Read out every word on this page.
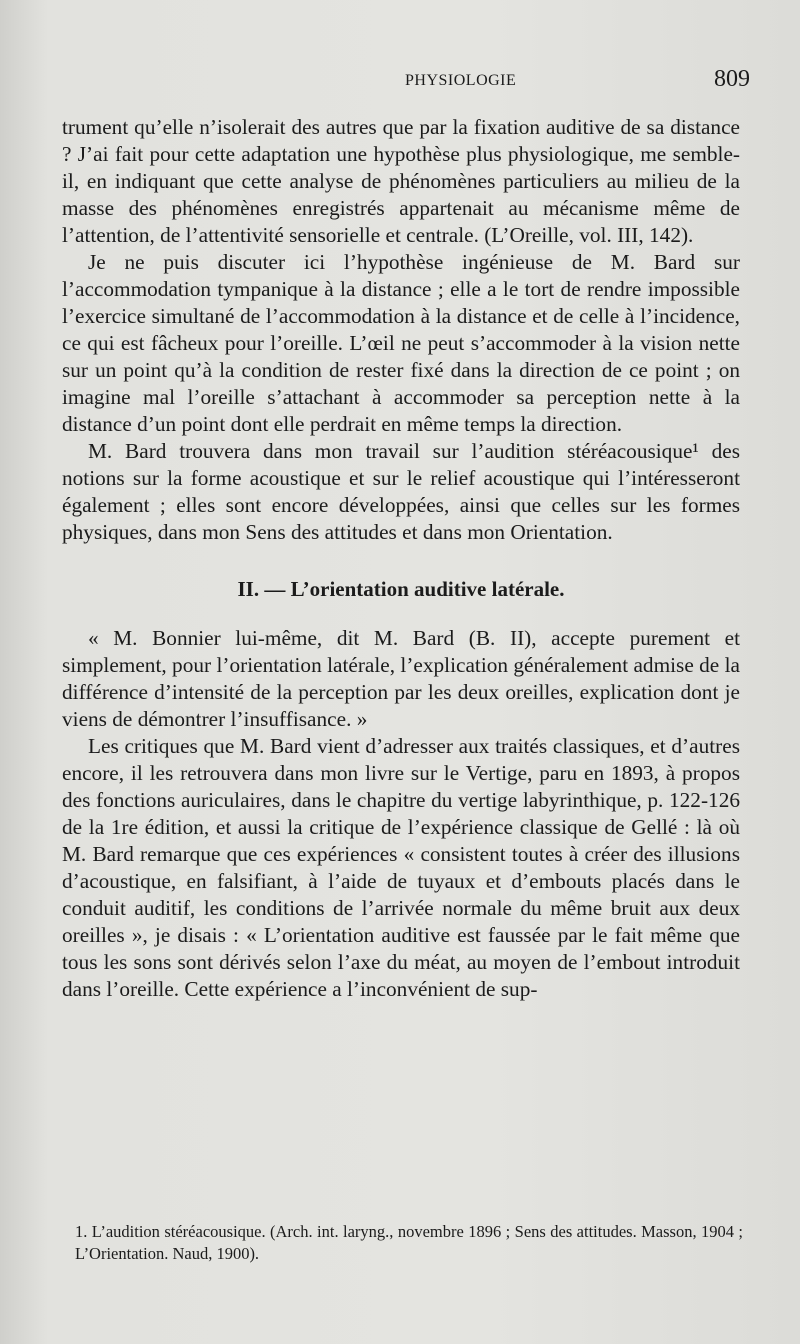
PHYSIOLOGIE	809

trument qu’elle n’isolerait des autres que par la fixation auditive de sa distance ? J’ai fait pour cette adaptation une hypothèse plus physiologique, me semble-il, en indiquant que cette analyse de phénomènes particuliers au milieu de la masse des phénomènes enregistrés appartenait au mécanisme même de l’attention, de l’attentivité sensorielle et centrale. (L’Oreille, vol. III, 142).

Je ne puis discuter ici l’hypothèse ingénieuse de M. Bard sur l’accommodation tympanique à la distance ; elle a le tort de rendre impossible l’exercice simultané de l’accommodation à la distance et de celle à l’incidence, ce qui est fâcheux pour l’oreille. L’œil ne peut s’accommoder à la vision nette sur un point qu’à la condition de rester fixé dans la direction de ce point ; on imagine mal l’oreille s’attachant à accommoder sa perception nette à la distance d’un point dont elle perdrait en même temps la direction.

M. Bard trouvera dans mon travail sur l’audition stéréacousique¹ des notions sur la forme acoustique et sur le relief acoustique qui l’intéresseront également ; elles sont encore développées, ainsi que celles sur les formes physiques, dans mon Sens des attitudes et dans mon Orientation.

II. — L’orientation auditive latérale.

« M. Bonnier lui-même, dit M. Bard (B. II), accepte purement et simplement, pour l’orientation latérale, l’explication généralement admise de la différence d’intensité de la perception par les deux oreilles, explication dont je viens de démontrer l’insuffisance. »

Les critiques que M. Bard vient d’adresser aux traités classiques, et d’autres encore, il les retrouvera dans mon livre sur le Vertige, paru en 1893, à propos des fonctions auriculaires, dans le chapitre du vertige labyrinthique, p. 122-126 de la 1re édition, et aussi la critique de l’expérience classique de Gellé : là où M. Bard remarque que ces expériences « consistent toutes à créer des illusions d’acoustique, en falsifiant, à l’aide de tuyaux et d’embouts placés dans le conduit auditif, les conditions de l’arrivée normale du même bruit aux deux oreilles », je disais : « L’orientation auditive est faussée par le fait même que tous les sons sont dérivés selon l’axe du méat, au moyen de l’embout introduit dans l’oreille. Cette expérience a l’inconvénient de sup-

1. L’audition stéréacousique. (Arch. int. laryng., novembre 1896 ; Sens des attitudes. Masson, 1904 ; L’Orientation. Naud, 1900).
